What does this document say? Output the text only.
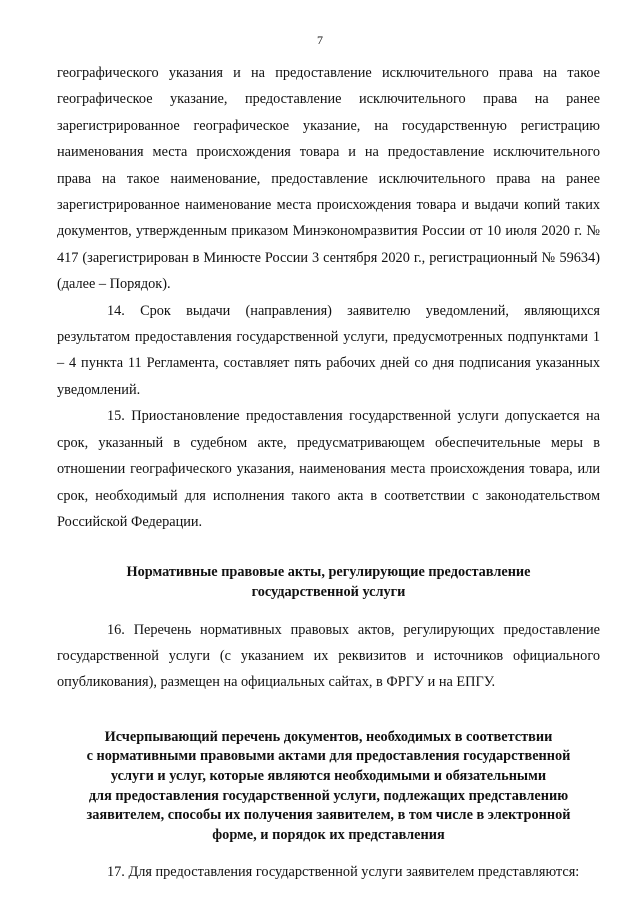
7

географического указания и на предоставление исключительного права на такое географическое указание, предоставление исключительного права на ранее зарегистрированное географическое указание, на государственную регистрацию наименования места происхождения товара и на предоставление исключительного права на такое наименование, предоставление исключительного права на ранее зарегистрированное наименование места происхождения товара и выдачи копий таких документов, утвержденным приказом Минэкономразвития России от 10 июля 2020 г. № 417 (зарегистрирован в Минюсте России 3 сентября 2020 г., регистрационный № 59634) (далее – Порядок).

14. Срок выдачи (направления) заявителю уведомлений, являющихся результатом предоставления государственной услуги, предусмотренных подпунктами 1 – 4 пункта 11 Регламента, составляет пять рабочих дней со дня подписания указанных уведомлений.

15. Приостановление предоставления государственной услуги допускается на срок, указанный в судебном акте, предусматривающем обеспечительные меры в отношении географического указания, наименования места происхождения товара, или срок, необходимый для исполнения такого акта в соответствии с законодательством Российской Федерации.

Нормативные правовые акты, регулирующие предоставление
государственной услуги

16. Перечень нормативных правовых актов, регулирующих предоставление государственной услуги (с указанием их реквизитов и источников официального опубликования), размещен на официальных сайтах, в ФРГУ и на ЕПГУ.

Исчерпывающий перечень документов, необходимых в соответствии
с нормативными правовыми актами для предоставления государственной
услуги и услуг, которые являются необходимыми и обязательными
для предоставления государственной услуги, подлежащих представлению
заявителем, способы их получения заявителем, в том числе в электронной
форме, и порядок их представления

17. Для предоставления государственной услуги заявителем представляются:
